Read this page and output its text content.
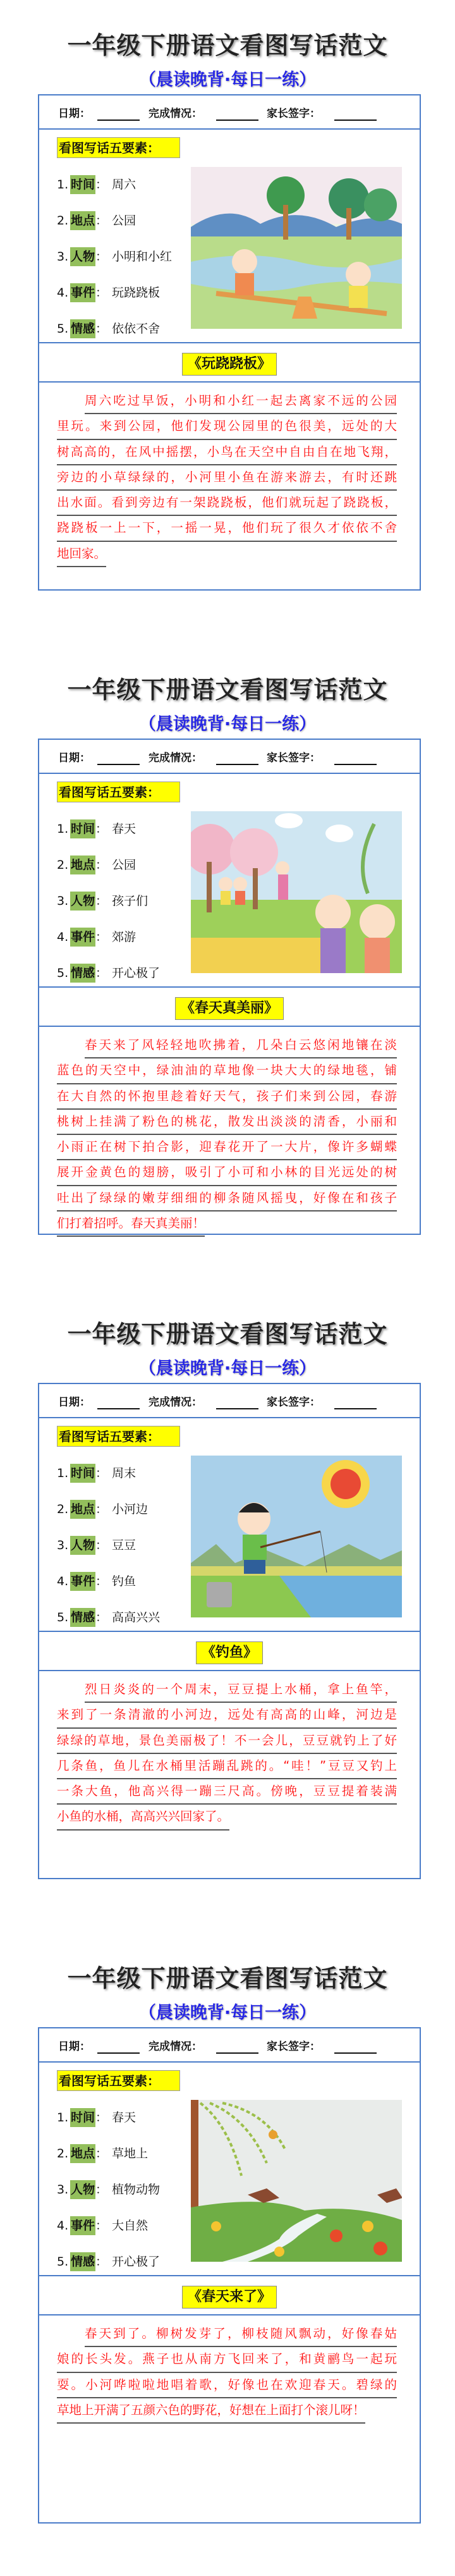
一年级下册语文看图写话范文
（晨读晚背·每日一练）
日期：	完成情况：	家长签字：
看图写话五要素：
1. 时间： 周六
2. 地点： 公园
3. 人物： 小明和小红
4. 事件： 玩跷跷板
5. 情感： 依依不舍
《玩跷跷板》
周六吃过早饭，小明和小红一起去离家不远的公园
里玩。来到公园，他们发现公园里的色很美，远处的大
树高高的，在风中摇摆，小鸟在天空中自由自在地飞翔，
旁边的小草绿绿的，小河里小鱼在游来游去，有时还跳
出水面。看到旁边有一架跷跷板，他们就玩起了跷跷板，
跷跷板一上一下，一摇一晃，他们玩了很久才依依不舍
地回家。
一年级下册语文看图写话范文
（晨读晚背·每日一练）
日期：	完成情况：	家长签字：
看图写话五要素：
1. 时间： 春天
2. 地点： 公园
3. 人物： 孩子们
4. 事件： 郊游
5. 情感： 开心极了
《春天真美丽》
春天来了风轻轻地吹拂着，几朵白云悠闲地镶在淡
蓝色的天空中，绿油油的草地像一块大大的绿地毯，铺
在大自然的怀抱里趁着好天气，孩子们来到公园，春游
桃树上挂满了粉色的桃花，散发出淡淡的清香，小丽和
小雨正在树下拍合影，迎春花开了一大片，像许多蝴蝶
展开金黄色的翅膀，吸引了小可和小林的目光远处的树
吐出了绿绿的嫩芽细细的柳条随风摇曳，好像在和孩子
们打着招呼。春天真美丽！
一年级下册语文看图写话范文
（晨读晚背·每日一练）
日期：	完成情况：	家长签字：
看图写话五要素：
1. 时间： 周末
2. 地点： 小河边
3. 人物： 豆豆
4. 事件： 钓鱼
5. 情感： 高高兴兴
《钓鱼》
烈日炎炎的一个周末，豆豆提上水桶，拿上鱼竿，
来到了一条清澈的小河边，远处有高高的山峰，河边是
绿绿的草地，景色美丽极了！不一会儿，豆豆就钓上了好
几条鱼，鱼儿在水桶里活蹦乱跳的。“哇！”豆豆又钓上
一条大鱼，他高兴得一蹦三尺高。傍晚，豆豆提着装满
小鱼的水桶，高高兴兴回家了。
一年级下册语文看图写话范文
（晨读晚背·每日一练）
日期：	完成情况：	家长签字：
看图写话五要素：
1. 时间： 春天
2. 地点： 草地上
3. 人物： 植物动物
4. 事件： 大自然
5. 情感： 开心极了
《春天来了》
春天到了。柳树发芽了，柳枝随风飘动，好像春姑
娘的长头发。燕子也从南方飞回来了，和黄鹂鸟一起玩
耍。小河哗啦啦地唱着歌，好像也在欢迎春天。碧绿的
草地上开满了五颜六色的野花，好想在上面打个滚儿呀！
